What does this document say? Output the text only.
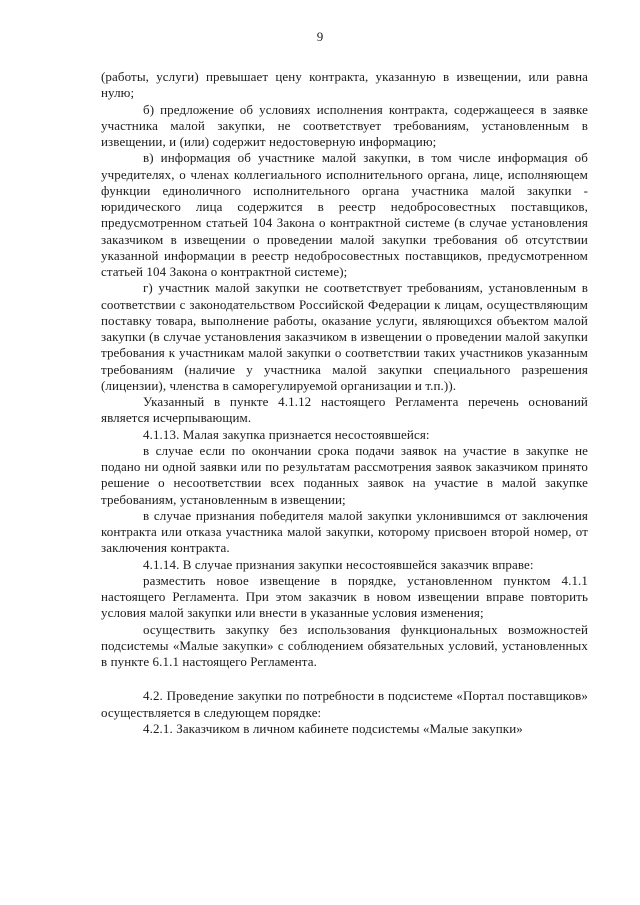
9

(работы, услуги) превышает цену контракта, указанную в извещении, или равна нулю;

б) предложение об условиях исполнения контракта, содержащееся в заявке участника малой закупки, не соответствует требованиям, установленным в извещении, и (или) содержит недостоверную информацию;

в) информация об участнике малой закупки, в том числе информация об учредителях, о членах коллегиального исполнительного органа, лице, исполняющем функции единоличного исполнительного органа участника малой закупки - юридического лица содержится в реестр недобросовестных поставщиков, предусмотренном статьей 104 Закона о контрактной системе (в случае установления заказчиком в извещении о проведении малой закупки требования об отсутствии указанной информации в реестр недобросовестных поставщиков, предусмотренном статьей 104 Закона о контрактной системе);

г) участник малой закупки не соответствует требованиям, установленным в соответствии с законодательством Российской Федерации к лицам, осуществляющим поставку товара, выполнение работы, оказание услуги, являющихся объектом малой закупки (в случае установления заказчиком в извещении о проведении малой закупки требования к участникам малой закупки о соответствии таких участников указанным требованиям (наличие у участника малой закупки специального разрешения (лицензии), членства в саморегулируемой организации и т.п.)).

Указанный в пункте 4.1.12 настоящего Регламента перечень оснований является исчерпывающим.

4.1.13. Малая закупка признается несостоявшейся:

в случае если по окончании срока подачи заявок на участие в закупке не подано ни одной заявки или по результатам рассмотрения заявок заказчиком принято решение о несоответствии всех поданных заявок на участие в малой закупке требованиям, установленным в извещении;

в случае признания победителя малой закупки уклонившимся от заключения контракта или отказа участника малой закупки, которому присвоен второй номер, от заключения контракта.

4.1.14. В случае признания закупки несостоявшейся заказчик вправе:

разместить новое извещение в порядке, установленном пунктом 4.1.1 настоящего Регламента. При этом заказчик в новом извещении вправе повторить условия малой закупки или внести в указанные условия изменения;

осуществить закупку без использования функциональных возможностей подсистемы «Малые закупки» с соблюдением обязательных условий, установленных в пункте 6.1.1 настоящего Регламента.

4.2. Проведение закупки по потребности в подсистеме «Портал поставщиков» осуществляется в следующем порядке:

4.2.1. Заказчиком в личном кабинете подсистемы «Малые закупки»
